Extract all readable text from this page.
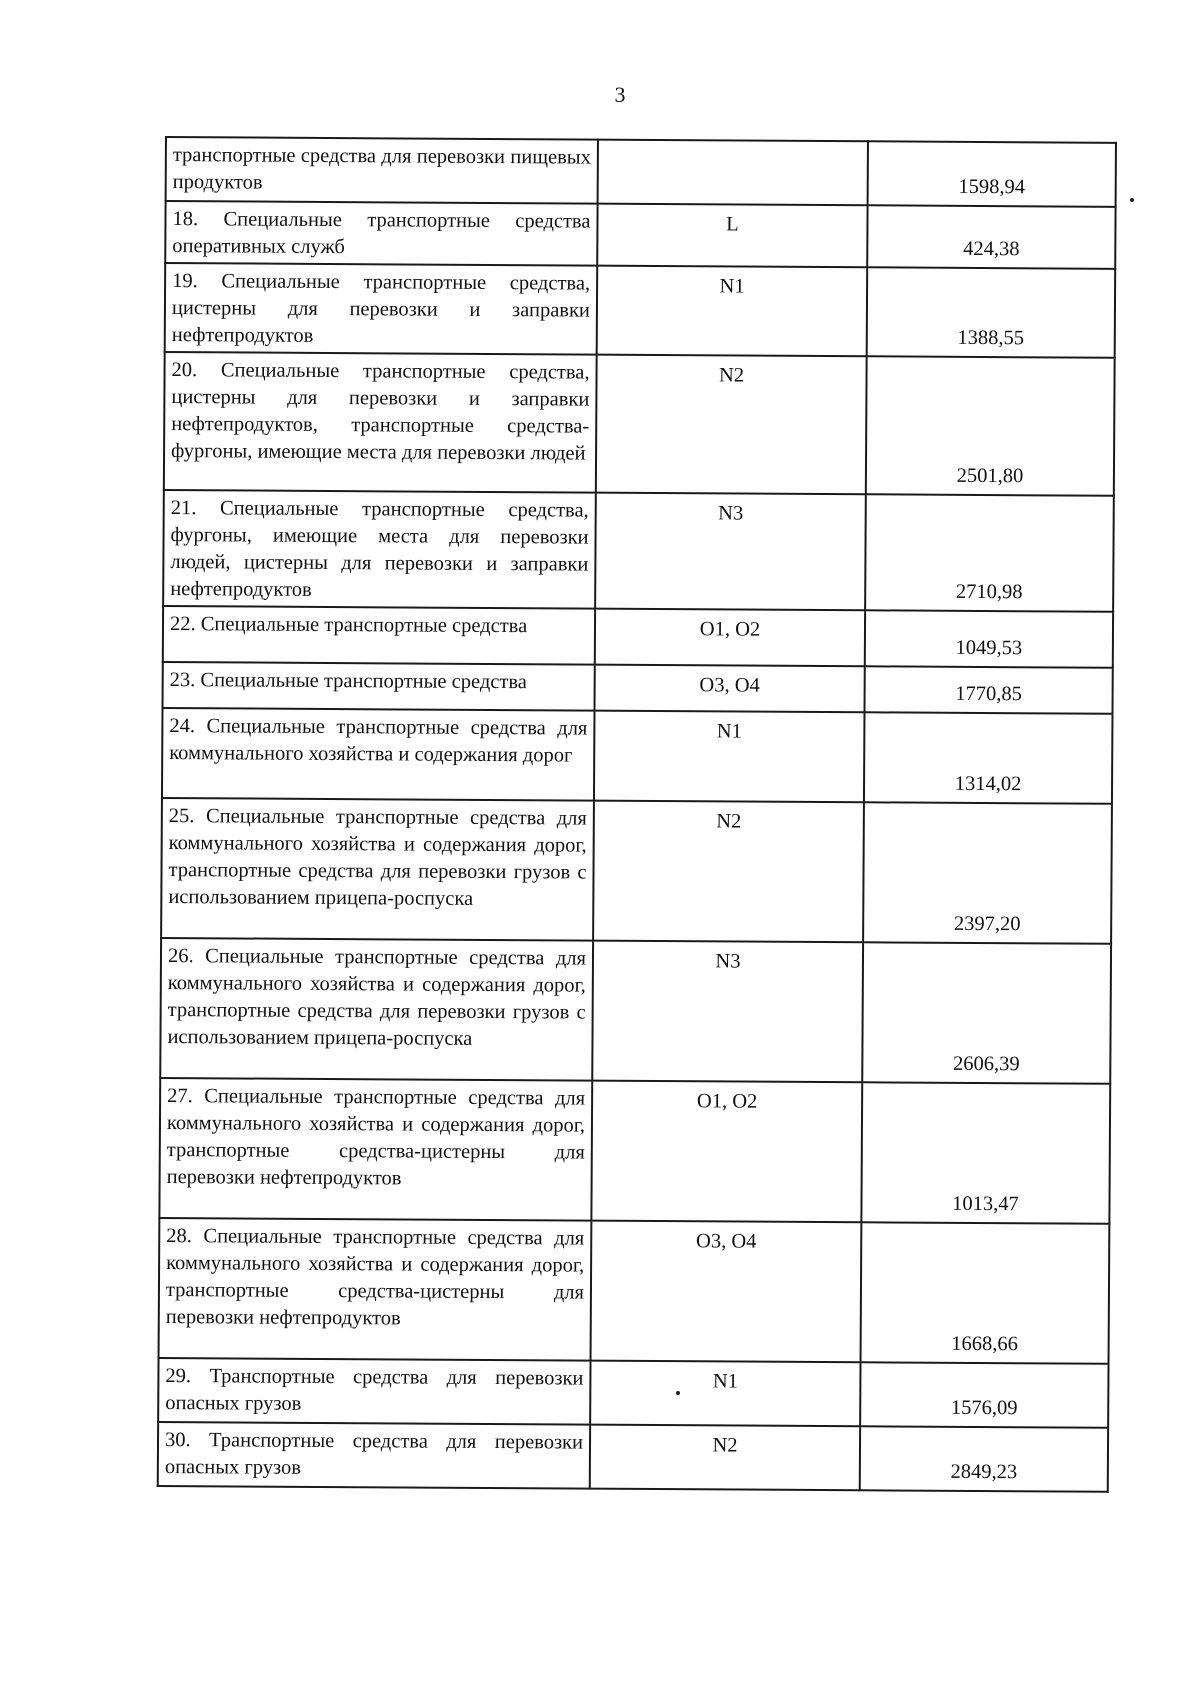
3
транспортные средства для перевозки пищевых продуктов		1598,94
18. Специальные транспортные средства оперативных служб	L	424,38
19. Специальные транспортные средства, цистерны для перевозки и заправки нефтепродуктов	N1	1388,55
20. Специальные транспортные средства, цистерны для перевозки и заправки нефтепродуктов, транспортные средства-фургоны, имеющие места для перевозки людей	N2	2501,80
21. Специальные транспортные средства, фургоны, имеющие места для перевозки людей, цистерны для перевозки и заправки нефтепродуктов	N3	2710,98
22. Специальные транспортные средства	O1, O2	1049,53
23. Специальные транспортные средства	O3, O4	1770,85
24. Специальные транспортные средства для коммунального хозяйства и содержания дорог	N1	1314,02
25. Специальные транспортные средства для коммунального хозяйства и содержания дорог, транспортные средства для перевозки грузов с использованием прицепа-роспуска	N2	2397,20
26. Специальные транспортные средства для коммунального хозяйства и содержания дорог, транспортные средства для перевозки грузов с использованием прицепа-роспуска	N3	2606,39
27. Специальные транспортные средства для коммунального хозяйства и содержания дорог, транспортные средства-цистерны для перевозки нефтепродуктов	O1, O2	1013,47
28. Специальные транспортные средства для коммунального хозяйства и содержания дорог, транспортные средства-цистерны для перевозки нефтепродуктов	O3, O4	1668,66
29. Транспортные средства для перевозки опасных грузов	N1	1576,09
30. Транспортные средства для перевозки опасных грузов	N2	2849,23
